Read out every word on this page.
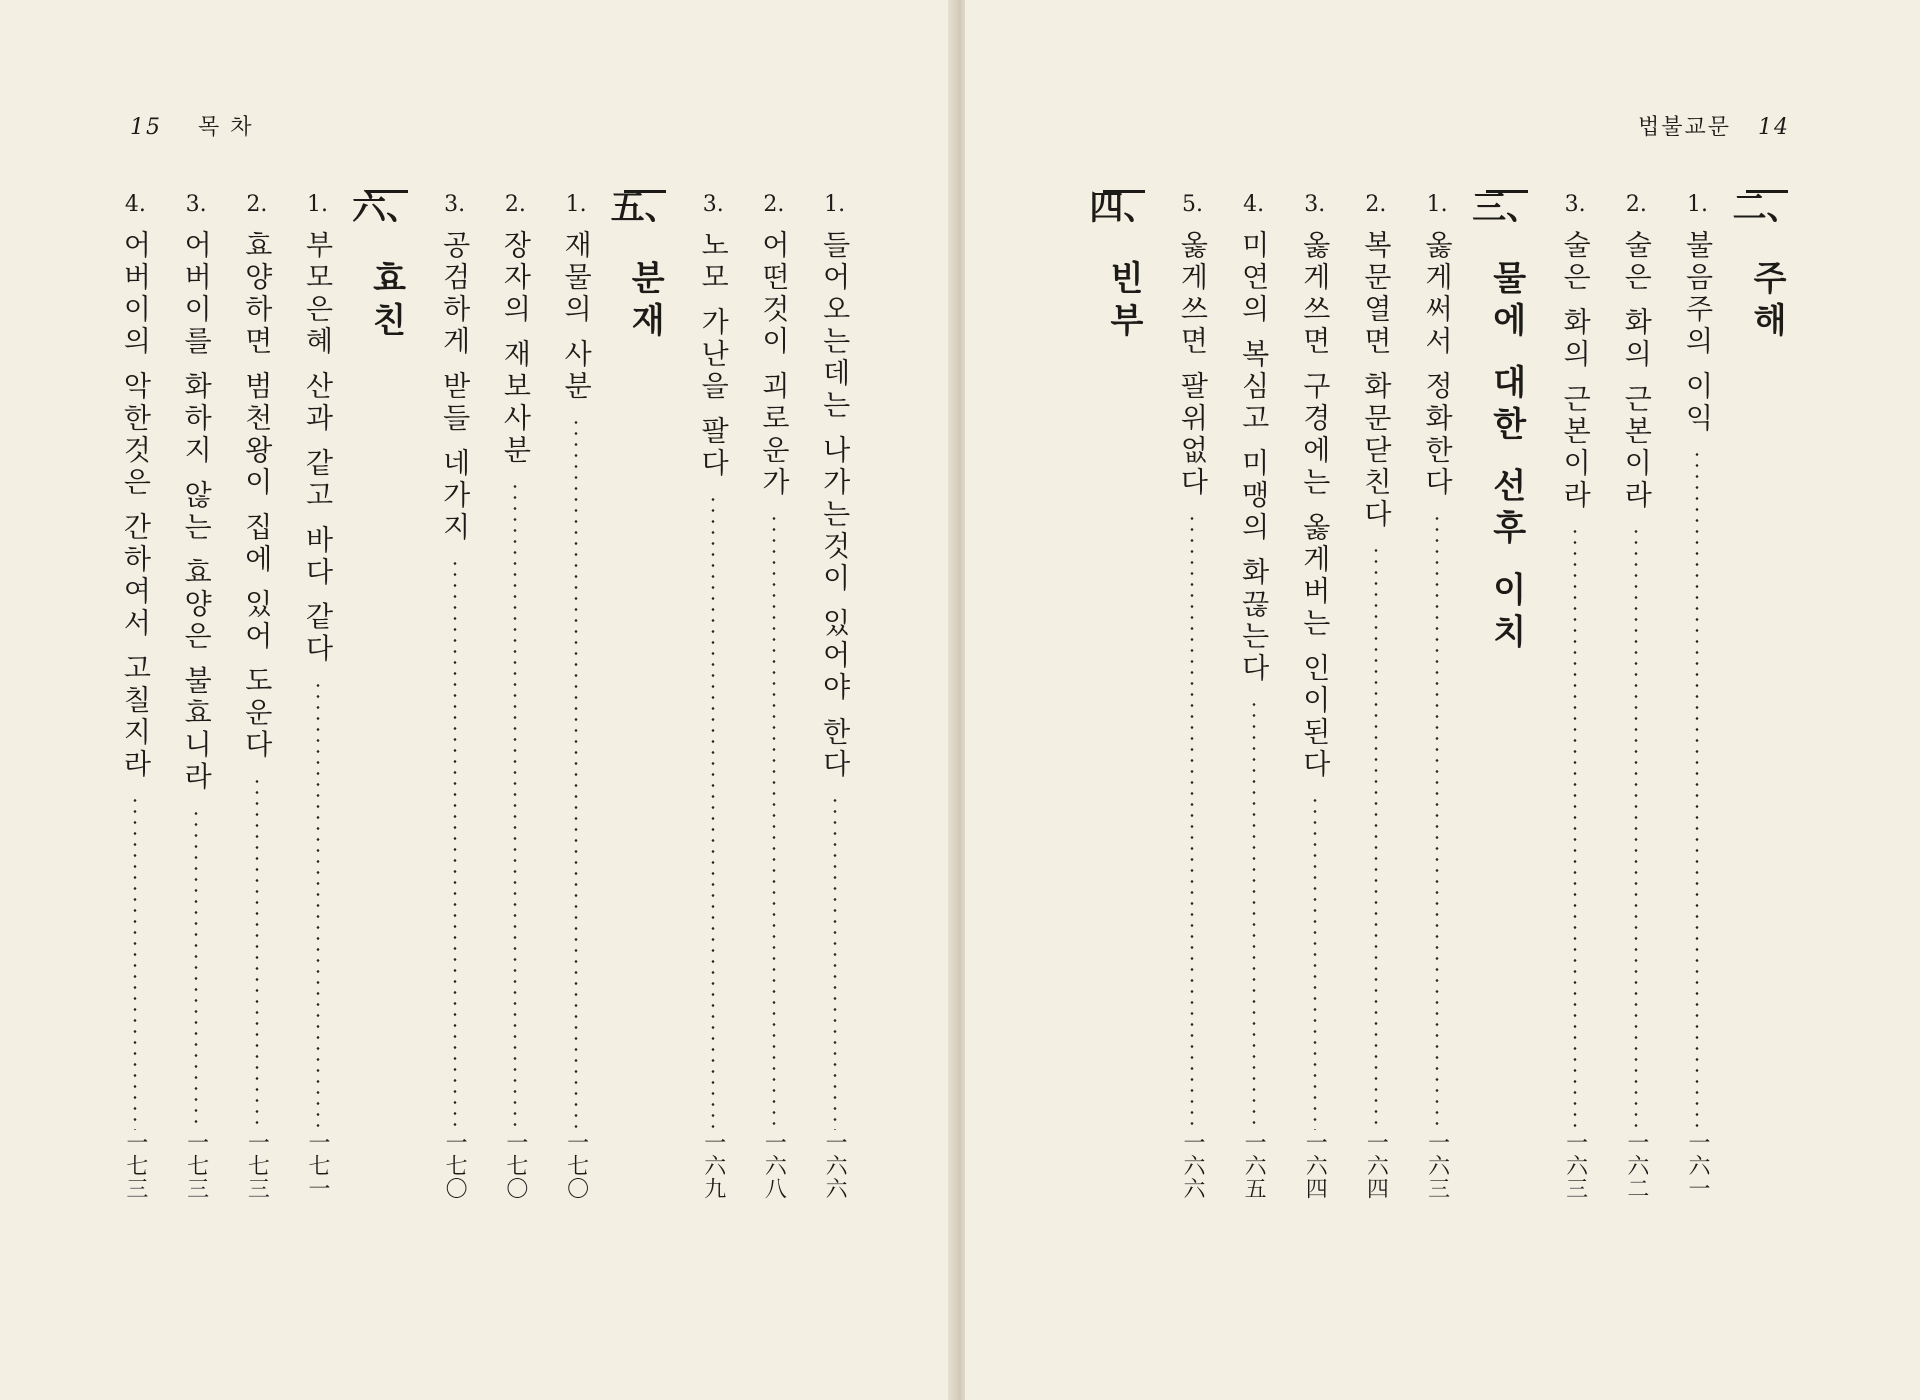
15 목 차
1.
들어오는데는 나가는것이 있어야 한다
一六六
2.
어떤것이 괴로운가
一六八
3.
노모 가난을 팔다
一六九
五、
분재
1.
재물의 사분
一七〇
2.
장자의 재보사분
一七〇
3.
공검하게 받들 네가지
一七〇
六、
효친
1.
부모은혜 산과 같고 바다 같다
一七一
2.
효양하면 범천왕이 집에 있어 도운다
一七三
3.
어버이를 화하지 않는 효양은 불효니라
一七三
4.
어버이의 악한것은 간하여서 고칠지라
一七三
법불교문 14
二、
주해
1.
불음주의 이익
一六一
2.
술은 화의 근본이라
一六二
3.
술은 화의 근본이라
一六三
三、
물에 대한 선후 이치
1.
옳게써서 정화한다
一六三
2.
복문열면 화문닫친다
一六四
3.
옳게쓰면 구경에는 옳게버는 인이된다
一六四
4.
미연의 복심고 미맹의 화끊는다
一六五
5.
옳게쓰면 팔위없다
一六六
四、
빈부
